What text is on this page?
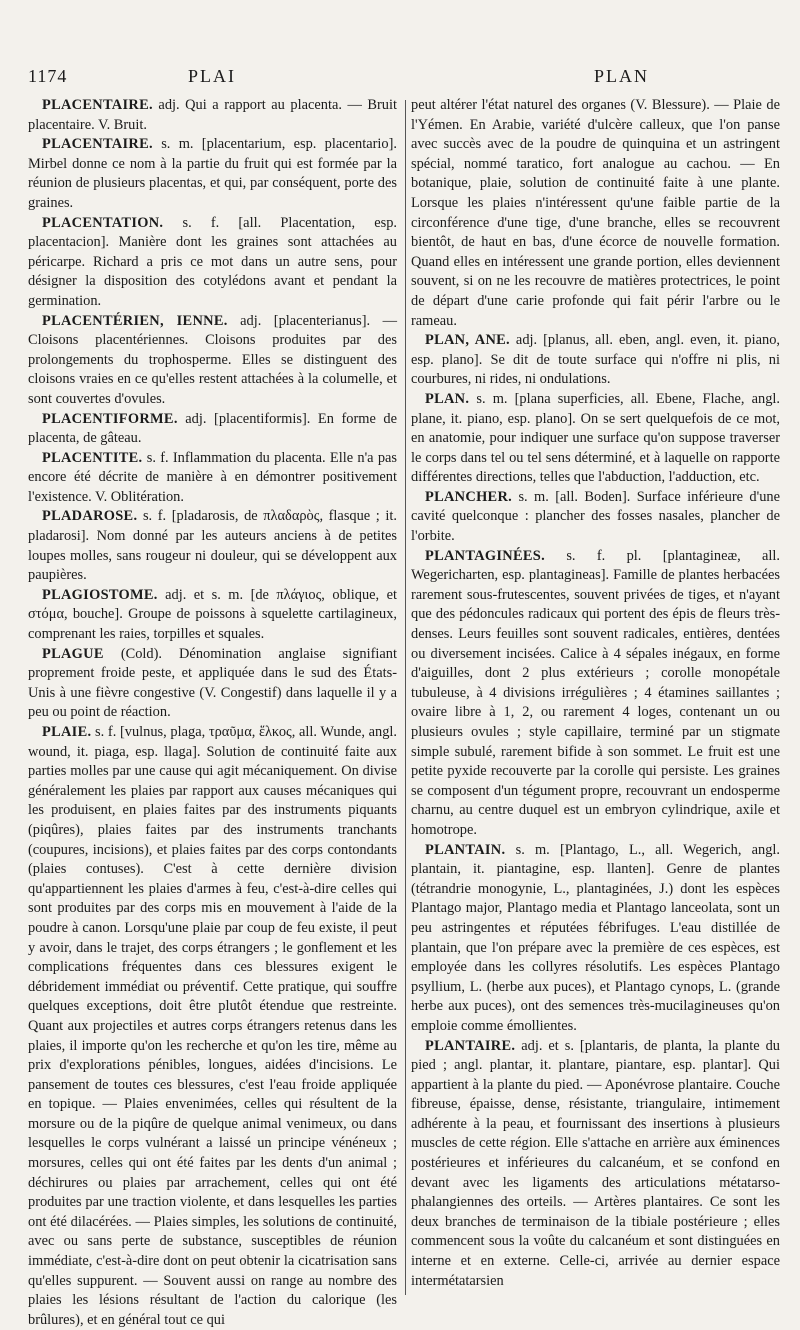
1174	PLAI	PLAN

PLACENTAIRE. adj. Qui a rapport au placenta. — Bruit placentaire. V. Bruit.

PLACENTAIRE. s. m. [placentarium, esp. placentario]. Mirbel donne ce nom à la partie du fruit qui est formée par la réunion de plusieurs placentas, et qui, par conséquent, porte des graines.

PLACENTATION. s. f. [all. Placentation, esp. placentacion]. Manière dont les graines sont attachées au péricarpe. Richard a pris ce mot dans un autre sens, pour désigner la disposition des cotylédons avant et pendant la germination.

PLACENTÉRIEN, IENNE. adj. [placenterianus]. —Cloisons placentériennes. Cloisons produites par des prolongements du trophosperme. Elles se distinguent des cloisons vraies en ce qu'elles restent attachées à la columelle, et sont couvertes d'ovules.

PLACENTIFORME. adj. [placentiformis]. En forme de placenta, de gâteau.

PLACENTITE. s. f. Inflammation du placenta. Elle n'a pas encore été décrite de manière à en démontrer positivement l'existence. V. Oblitération.

PLADAROSE. s. f. [pladarosis, de πλαδαρὸς, flasque ; it. pladarosi]. Nom donné par les auteurs anciens à de petites loupes molles, sans rougeur ni douleur, qui se développent aux paupières.

PLAGIOSTOME. adj. et s. m. [de πλάγιος, oblique, et στόμα, bouche]. Groupe de poissons à squelette cartilagineux, comprenant les raies, torpilles et squales.

PLAGUE (Cold). Dénomination anglaise signifiant proprement froide peste, et appliquée dans le sud des États-Unis à une fièvre congestive (V. Congestif) dans laquelle il y a peu ou point de réaction.

PLAIE. s. f. [vulnus, plaga, τραῦμα, ἕλκος, all. Wunde, angl. wound, it. piaga, esp. llaga]. Solution de continuité faite aux parties molles par une cause qui agit mécaniquement. On divise généralement les plaies par rapport aux causes mécaniques qui les produisent, en plaies faites par des instruments piquants (piqûres), plaies faites par des instruments tranchants (coupures, incisions), et plaies faites par des corps contondants (plaies contuses). C'est à cette dernière division qu'appartiennent les plaies d'armes à feu, c'est-à-dire celles qui sont produites par des corps mis en mouvement à l'aide de la poudre à canon. Lorsqu'une plaie par coup de feu existe, il peut y avoir, dans le trajet, des corps étrangers ; le gonflement et les complications fréquentes dans ces blessures exigent le débridement immédiat ou préventif. Cette pratique, qui souffre quelques exceptions, doit être plutôt étendue que restreinte. Quant aux projectiles et autres corps étrangers retenus dans les plaies, il importe qu'on les recherche et qu'on les tire, même au prix d'explorations pénibles, longues, aidées d'incisions. Le pansement de toutes ces blessures, c'est l'eau froide appliquée en topique. — Plaies envenimées, celles qui résultent de la morsure ou de la piqûre de quelque animal venimeux, ou dans lesquelles le corps vulnérant a laissé un principe vénéneux ; morsures, celles qui ont été faites par les dents d'un animal ; déchirures ou plaies par arrachement, celles qui ont été produites par une traction violente, et dans lesquelles les parties ont été dilacérées. — Plaies simples, les solutions de continuité, avec ou sans perte de substance, susceptibles de réunion immédiate, c'est-à-dire dont on peut obtenir la cicatrisation sans qu'elles suppurent. — Souvent aussi on range au nombre des plaies les lésions résultant de l'action du calorique (les brûlures), et en général tout ce qui

peut altérer l'état naturel des organes (V. Blessure). — Plaie de l'Yémen. En Arabie, variété d'ulcère calleux, que l'on panse avec succès avec de la poudre de quinquina et un astringent spécial, nommé taratico, fort analogue au cachou. — En botanique, plaie, solution de continuité faite à une plante. Lorsque les plaies n'intéressent qu'une faible partie de la circonférence d'une tige, d'une branche, elles se recouvrent bientôt, de haut en bas, d'une écorce de nouvelle formation. Quand elles en intéressent une grande portion, elles deviennent souvent, si on ne les recouvre de matières protectrices, le point de départ d'une carie profonde qui fait périr l'arbre ou le rameau.

PLAN, ANE. adj. [planus, all. eben, angl. even, it. piano, esp. plano]. Se dit de toute surface qui n'offre ni plis, ni courbures, ni rides, ni ondulations.

PLAN. s. m. [plana superficies, all. Ebene, Flache, angl. plane, it. piano, esp. plano]. On se sert quelquefois de ce mot, en anatomie, pour indiquer une surface qu'on suppose traverser le corps dans tel ou tel sens déterminé, et à laquelle on rapporte différentes directions, telles que l'abduction, l'adduction, etc.

PLANCHER. s. m. [all. Boden]. Surface inférieure d'une cavité quelconque : plancher des fosses nasales, plancher de l'orbite.

PLANTAGINÉES. s. f. pl. [plantagineæ, all. Wegericharten, esp. plantagineas]. Famille de plantes herbacées rarement sous-frutescentes, souvent privées de tiges, et n'ayant que des pédoncules radicaux qui portent des épis de fleurs très-denses. Leurs feuilles sont souvent radicales, entières, dentées ou diversement incisées. Calice à 4 sépales inégaux, en forme d'aiguilles, dont 2 plus extérieurs ; corolle monopétale tubuleuse, à 4 divisions irrégulières ; 4 étamines saillantes ; ovaire libre à 1, 2, ou rarement 4 loges, contenant un ou plusieurs ovules ; style capillaire, terminé par un stigmate simple subulé, rarement bifide à son sommet. Le fruit est une petite pyxide recouverte par la corolle qui persiste. Les graines se composent d'un tégument propre, recouvrant un endosperme charnu, au centre duquel est un embryon cylindrique, axile et homotrope.

PLANTAIN. s. m. [Plantago, L., all. Wegerich, angl. plantain, it. piantagine, esp. llanten]. Genre de plantes (tétrandrie monogynie, L., plantaginées, J.) dont les espèces Plantago major, Plantago media et Plantago lanceolata, sont un peu astringentes et réputées fébrifuges. L'eau distillée de plantain, que l'on prépare avec la première de ces espèces, est employée dans les collyres résolutifs. Les espèces Plantago psyllium, L. (herbe aux puces), et Plantago cynops, L. (grande herbe aux puces), ont des semences très-mucilagineuses qu'on emploie comme émollientes.

PLANTAIRE. adj. et s. [plantaris, de planta, la plante du pied ; angl. plantar, it. plantare, piantare, esp. plantar]. Qui appartient à la plante du pied. — Aponévrose plantaire. Couche fibreuse, épaisse, dense, résistante, triangulaire, intimement adhérente à la peau, et fournissant des insertions à plusieurs muscles de cette région. Elle s'attache en arrière aux éminences postérieures et inférieures du calcanéum, et se confond en devant avec les ligaments des articulations métatarso-phalangiennes des orteils. — Artères plantaires. Ce sont les deux branches de terminaison de la tibiale postérieure ; elles commencent sous la voûte du calcanéum et sont distinguées en interne et en externe. Celle-ci, arrivée au dernier espace intermétatarsien
